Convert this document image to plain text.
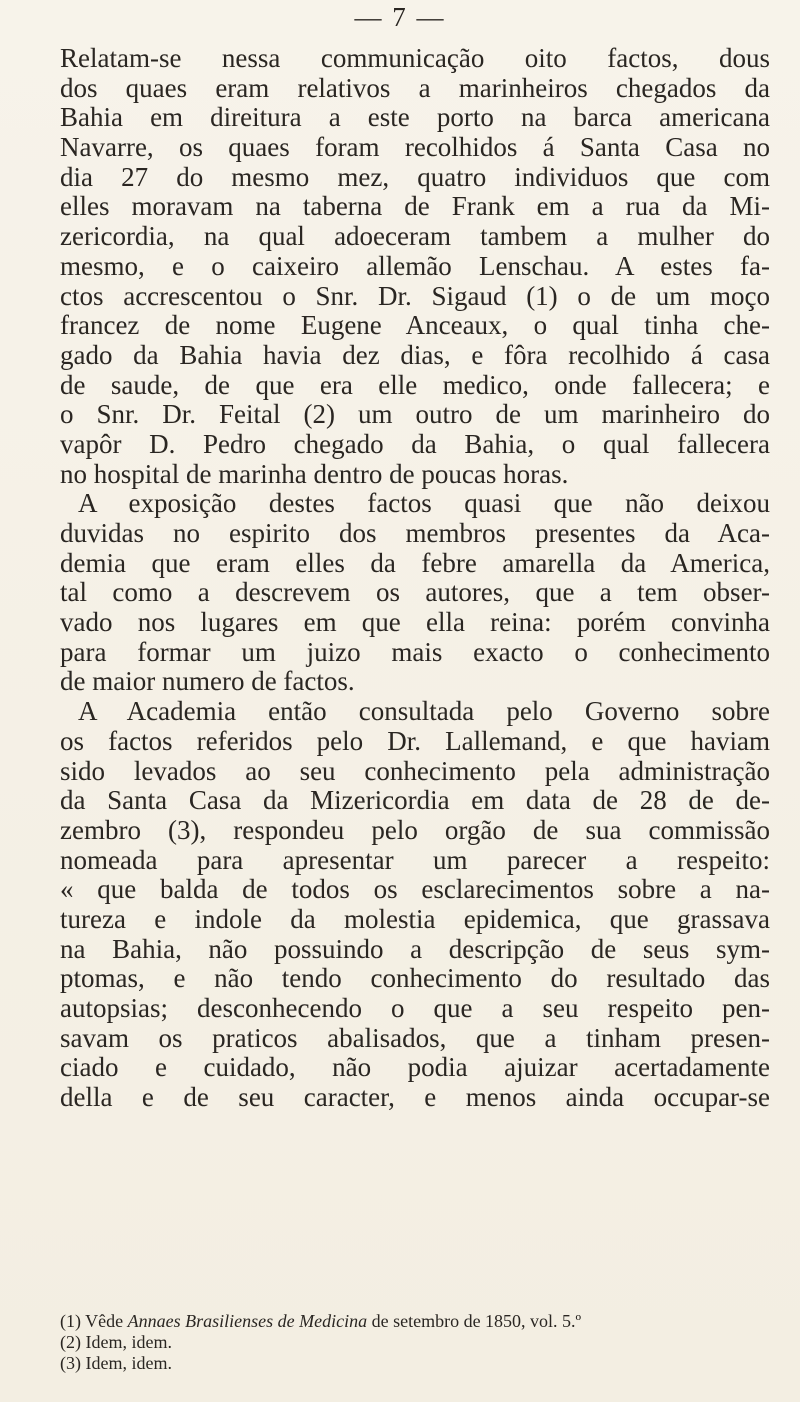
— 7 —
Relatam-se nessa communicação oito factos, dous
dos quaes eram relativos a marinheiros chegados da
Bahia em direitura a este porto na barca americana
Navarre, os quaes foram recolhidos á Santa Casa no
dia 27 do mesmo mez, quatro individuos que com
elles moravam na taberna de Frank em a rua da Mi-
zericordia, na qual adoeceram tambem a mulher do
mesmo, e o caixeiro allemão Lenschau. A estes fa-
ctos accrescentou o Snr. Dr. Sigaud (1) o de um moço
francez de nome Eugene Anceaux, o qual tinha che-
gado da Bahia havia dez dias, e fôra recolhido á casa
de saude, de que era elle medico, onde fallecera; e
o Snr. Dr. Feital (2) um outro de um marinheiro do
vapôr D. Pedro chegado da Bahia, o qual fallecera
no hospital de marinha dentro de poucas horas.
A exposição destes factos quasi que não deixou
duvidas no espirito dos membros presentes da Aca-
demia que eram elles da febre amarella da America,
tal como a descrevem os autores, que a tem obser-
vado nos lugares em que ella reina: porém convinha
para formar um juizo mais exacto o conhecimento
de maior numero de factos.
A Academia então consultada pelo Governo sobre
os factos referidos pelo Dr. Lallemand, e que haviam
sido levados ao seu conhecimento pela administração
da Santa Casa da Mizericordia em data de 28 de de-
zembro (3), respondeu pelo orgão de sua commissão
nomeada para apresentar um parecer a respeito:
« que balda de todos os esclarecimentos sobre a na-
tureza e indole da molestia epidemica, que grassava
na Bahia, não possuindo a descripção de seus sym-
ptomas, e não tendo conhecimento do resultado das
autopsias; desconhecendo o que a seu respeito pen-
savam os praticos abalisados, que a tinham presen-
ciado e cuidado, não podia ajuizar acertadamente
della e de seu caracter, e menos ainda occupar-se
(1) Vêde Annaes Brasilienses de Medicina de setembro de 1850, vol. 5.º
(2) Idem, idem.
(3) Idem, idem.
